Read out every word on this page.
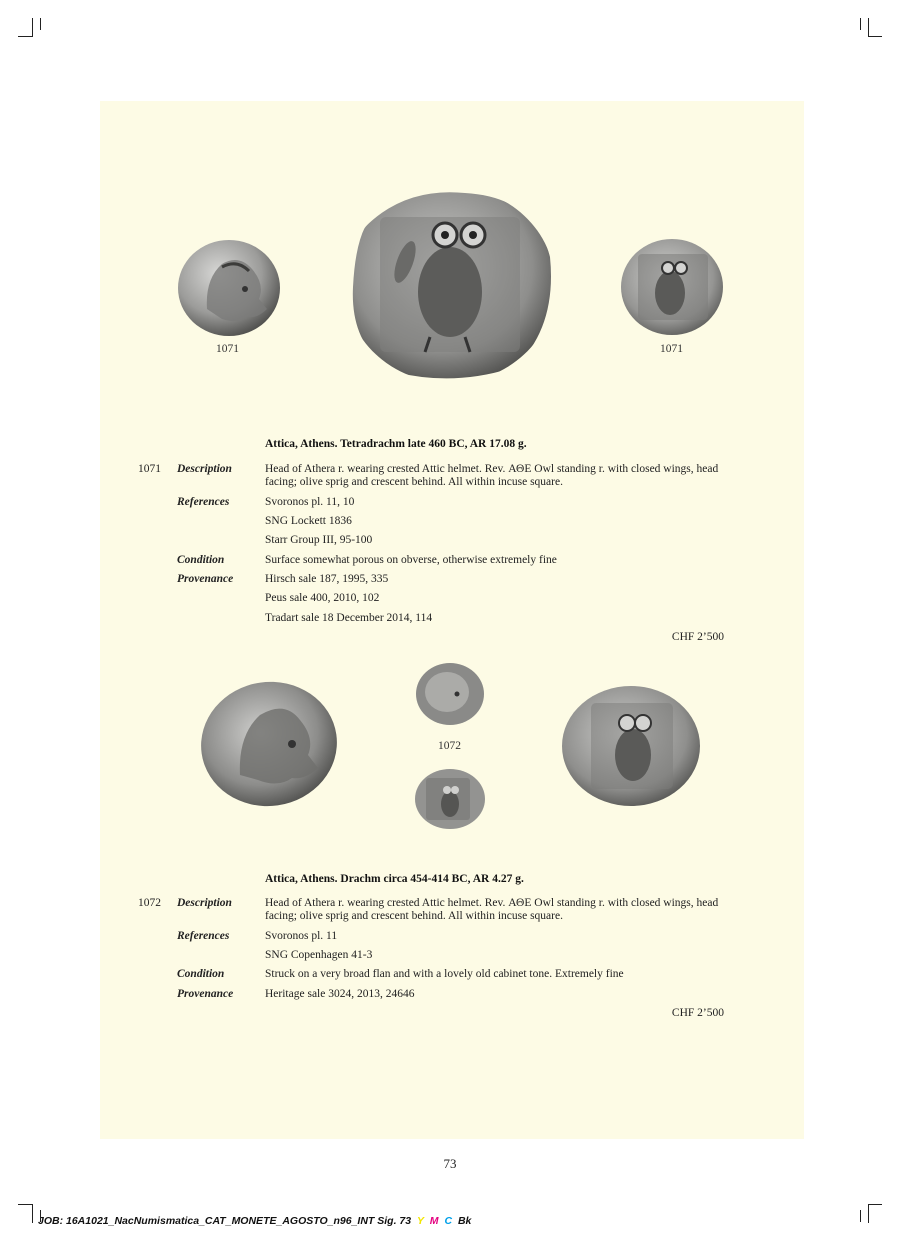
1071	1071
Attica, Athens. Tetradrachm late 460 BC, AR 17.08 g.
1071 Description	Head of Athera r. wearing crested Attic helmet. Rev. ΑΘΕ Owl standing r. with closed wings, head facing; olive sprig and crescent behind. All within incuse square.
References	Svoronos pl. 11, 10
SNG Lockett 1836
Starr Group III, 95-100
Condition	Surface somewhat porous on obverse, otherwise extremely fine
Provenance	Hirsch sale 187, 1995, 335
Peus sale 400, 2010, 102
Tradart sale 18 December 2014, 114
CHF 2’500
1072
Attica, Athens. Drachm circa 454-414 BC, AR 4.27 g.
1072 Description	Head of Athera r. wearing crested Attic helmet. Rev. ΑΘΕ Owl standing r. with closed wings, head facing; olive sprig and crescent behind. All within incuse square.
References	Svoronos pl. 11
SNG Copenhagen 41-3
Condition	Struck on a very broad flan and with a lovely old cabinet tone. Extremely fine
Provenance	Heritage sale 3024, 2013, 24646
CHF 2’500
73
JOB: 16A1021_NacNumismatica_CAT_MONETE_AGOSTO_n96_INT Sig. 73 Y M C Bk
